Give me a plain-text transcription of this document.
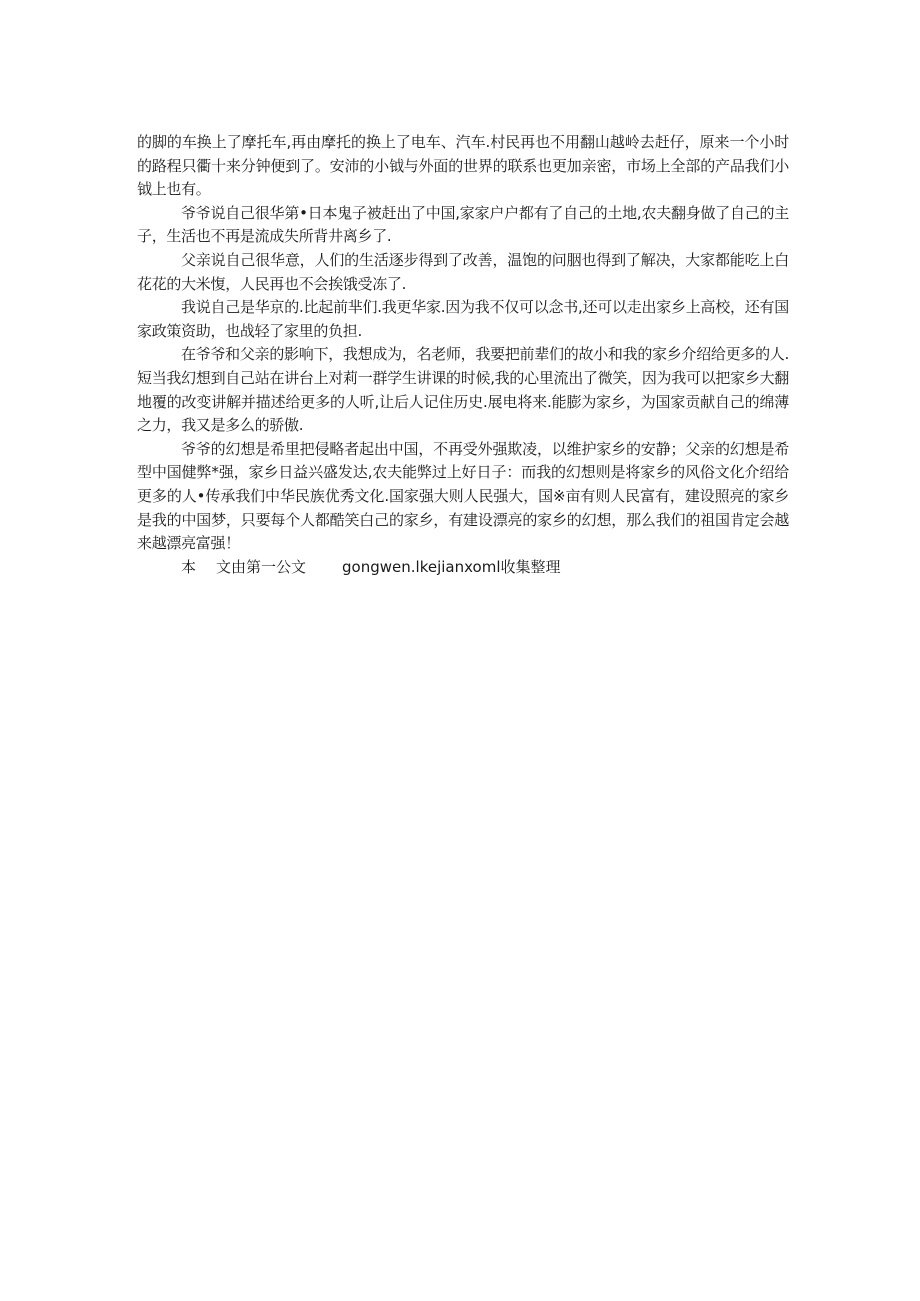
的脚的车换上了摩托车,再由摩托的换上了电车、汽车.村民再也不用翻山越岭去赶仔，原来一个小时的路程只衢十来分钟便到了。安沛的小钺与外面的世界的联系也更加亲密，市场上全部的产品我们小钺上也有。

爷爷说自己很华第•日本鬼子被赶出了中国,家家户户都有了自己的土地,农夫翻身做了自己的主子，生活也不再是流成失所背井离乡了.

父亲说自己很华意，人们的生活逐步得到了改善，温饱的问胭也得到了解决，大家都能吃上白花花的大米愎，人民再也不会挨饿受冻了.

我说自己是华京的.比起前芈们.我更华家.因为我不仅可以念书,还可以走出家乡上高校，还有国家政策资助，也战轻了家里的负担.

在爷爷和父亲的影响下，我想成为，名老师，我要把前辈们的故小和我的家乡介绍给更多的人.短当我幻想到自己站在讲台上对莉一群学生讲课的时候,我的心里流出了微笑，因为我可以把家乡大翻地覆的改变讲解并描述给更多的人听,让后人记住历史.展电将来.能膨为家乡，为国家贡献自己的绵薄之力，我又是多么的骄傲.

爷爷的幻想是希里把侵略者起出中国，不再受外强欺凌，以维护家乡的安静；父亲的幻想是希型中国健弊*强，家乡日益兴盛发达,农夫能弊过上好日子：而我的幻想则是将家乡的风俗文化介绍给更多的人•传承我们中华民族优秀文化.国家强大则人民强大，国※亩有则人民富有，建设照亮的家乡是我的中国梦，只要每个人都酷笑白己的家乡，有建设漂亮的家乡的幻想，那么我们的祖国肯定会越来越漂亮富强！

本 文由第一公文 gongwen.lkejianxoml收集整理
